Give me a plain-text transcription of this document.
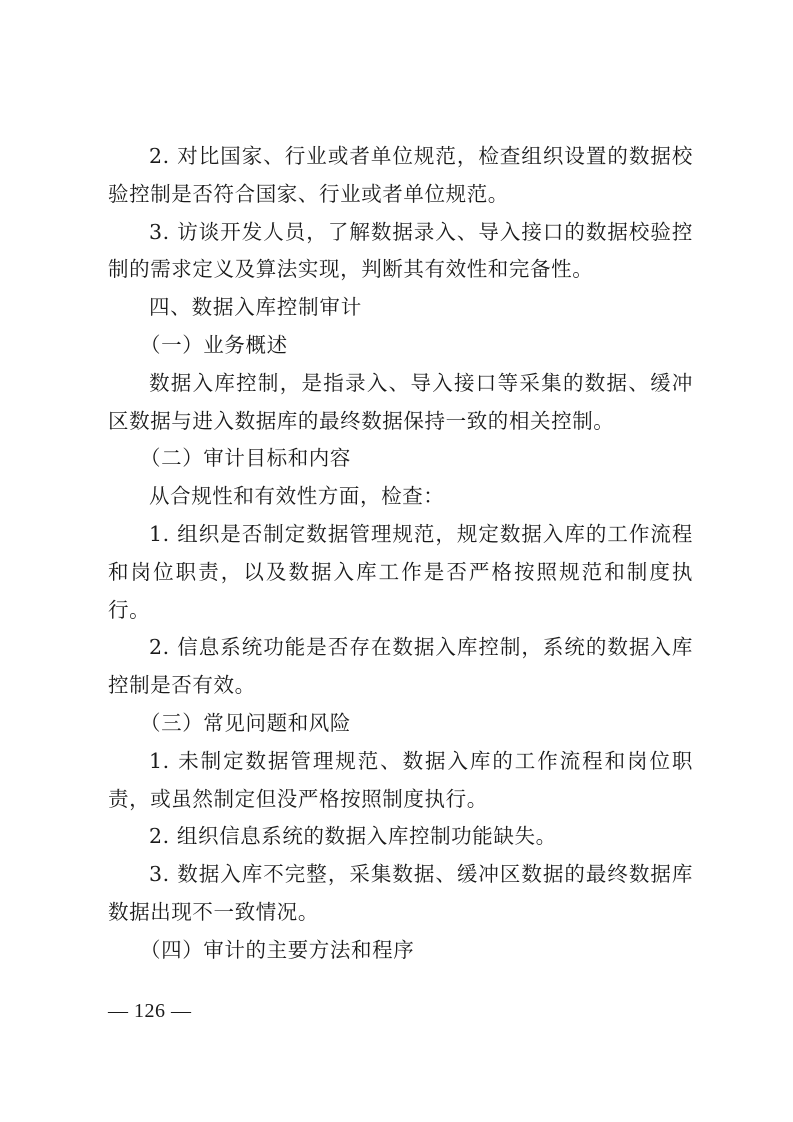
2. 对比国家、行业或者单位规范，检查组织设置的数据校验控制是否符合国家、行业或者单位规范。

3. 访谈开发人员，了解数据录入、导入接口的数据校验控制的需求定义及算法实现，判断其有效性和完备性。

四、数据入库控制审计

（一）业务概述

数据入库控制，是指录入、导入接口等采集的数据、缓冲区数据与进入数据库的最终数据保持一致的相关控制。

（二）审计目标和内容

从合规性和有效性方面，检查：

1. 组织是否制定数据管理规范，规定数据入库的工作流程和岗位职责，以及数据入库工作是否严格按照规范和制度执行。

2. 信息系统功能是否存在数据入库控制，系统的数据入库控制是否有效。

（三）常见问题和风险

1. 未制定数据管理规范、数据入库的工作流程和岗位职责，或虽然制定但没严格按照制度执行。

2. 组织信息系统的数据入库控制功能缺失。

3. 数据入库不完整，采集数据、缓冲区数据的最终数据库数据出现不一致情况。

（四）审计的主要方法和程序

— 126 —
